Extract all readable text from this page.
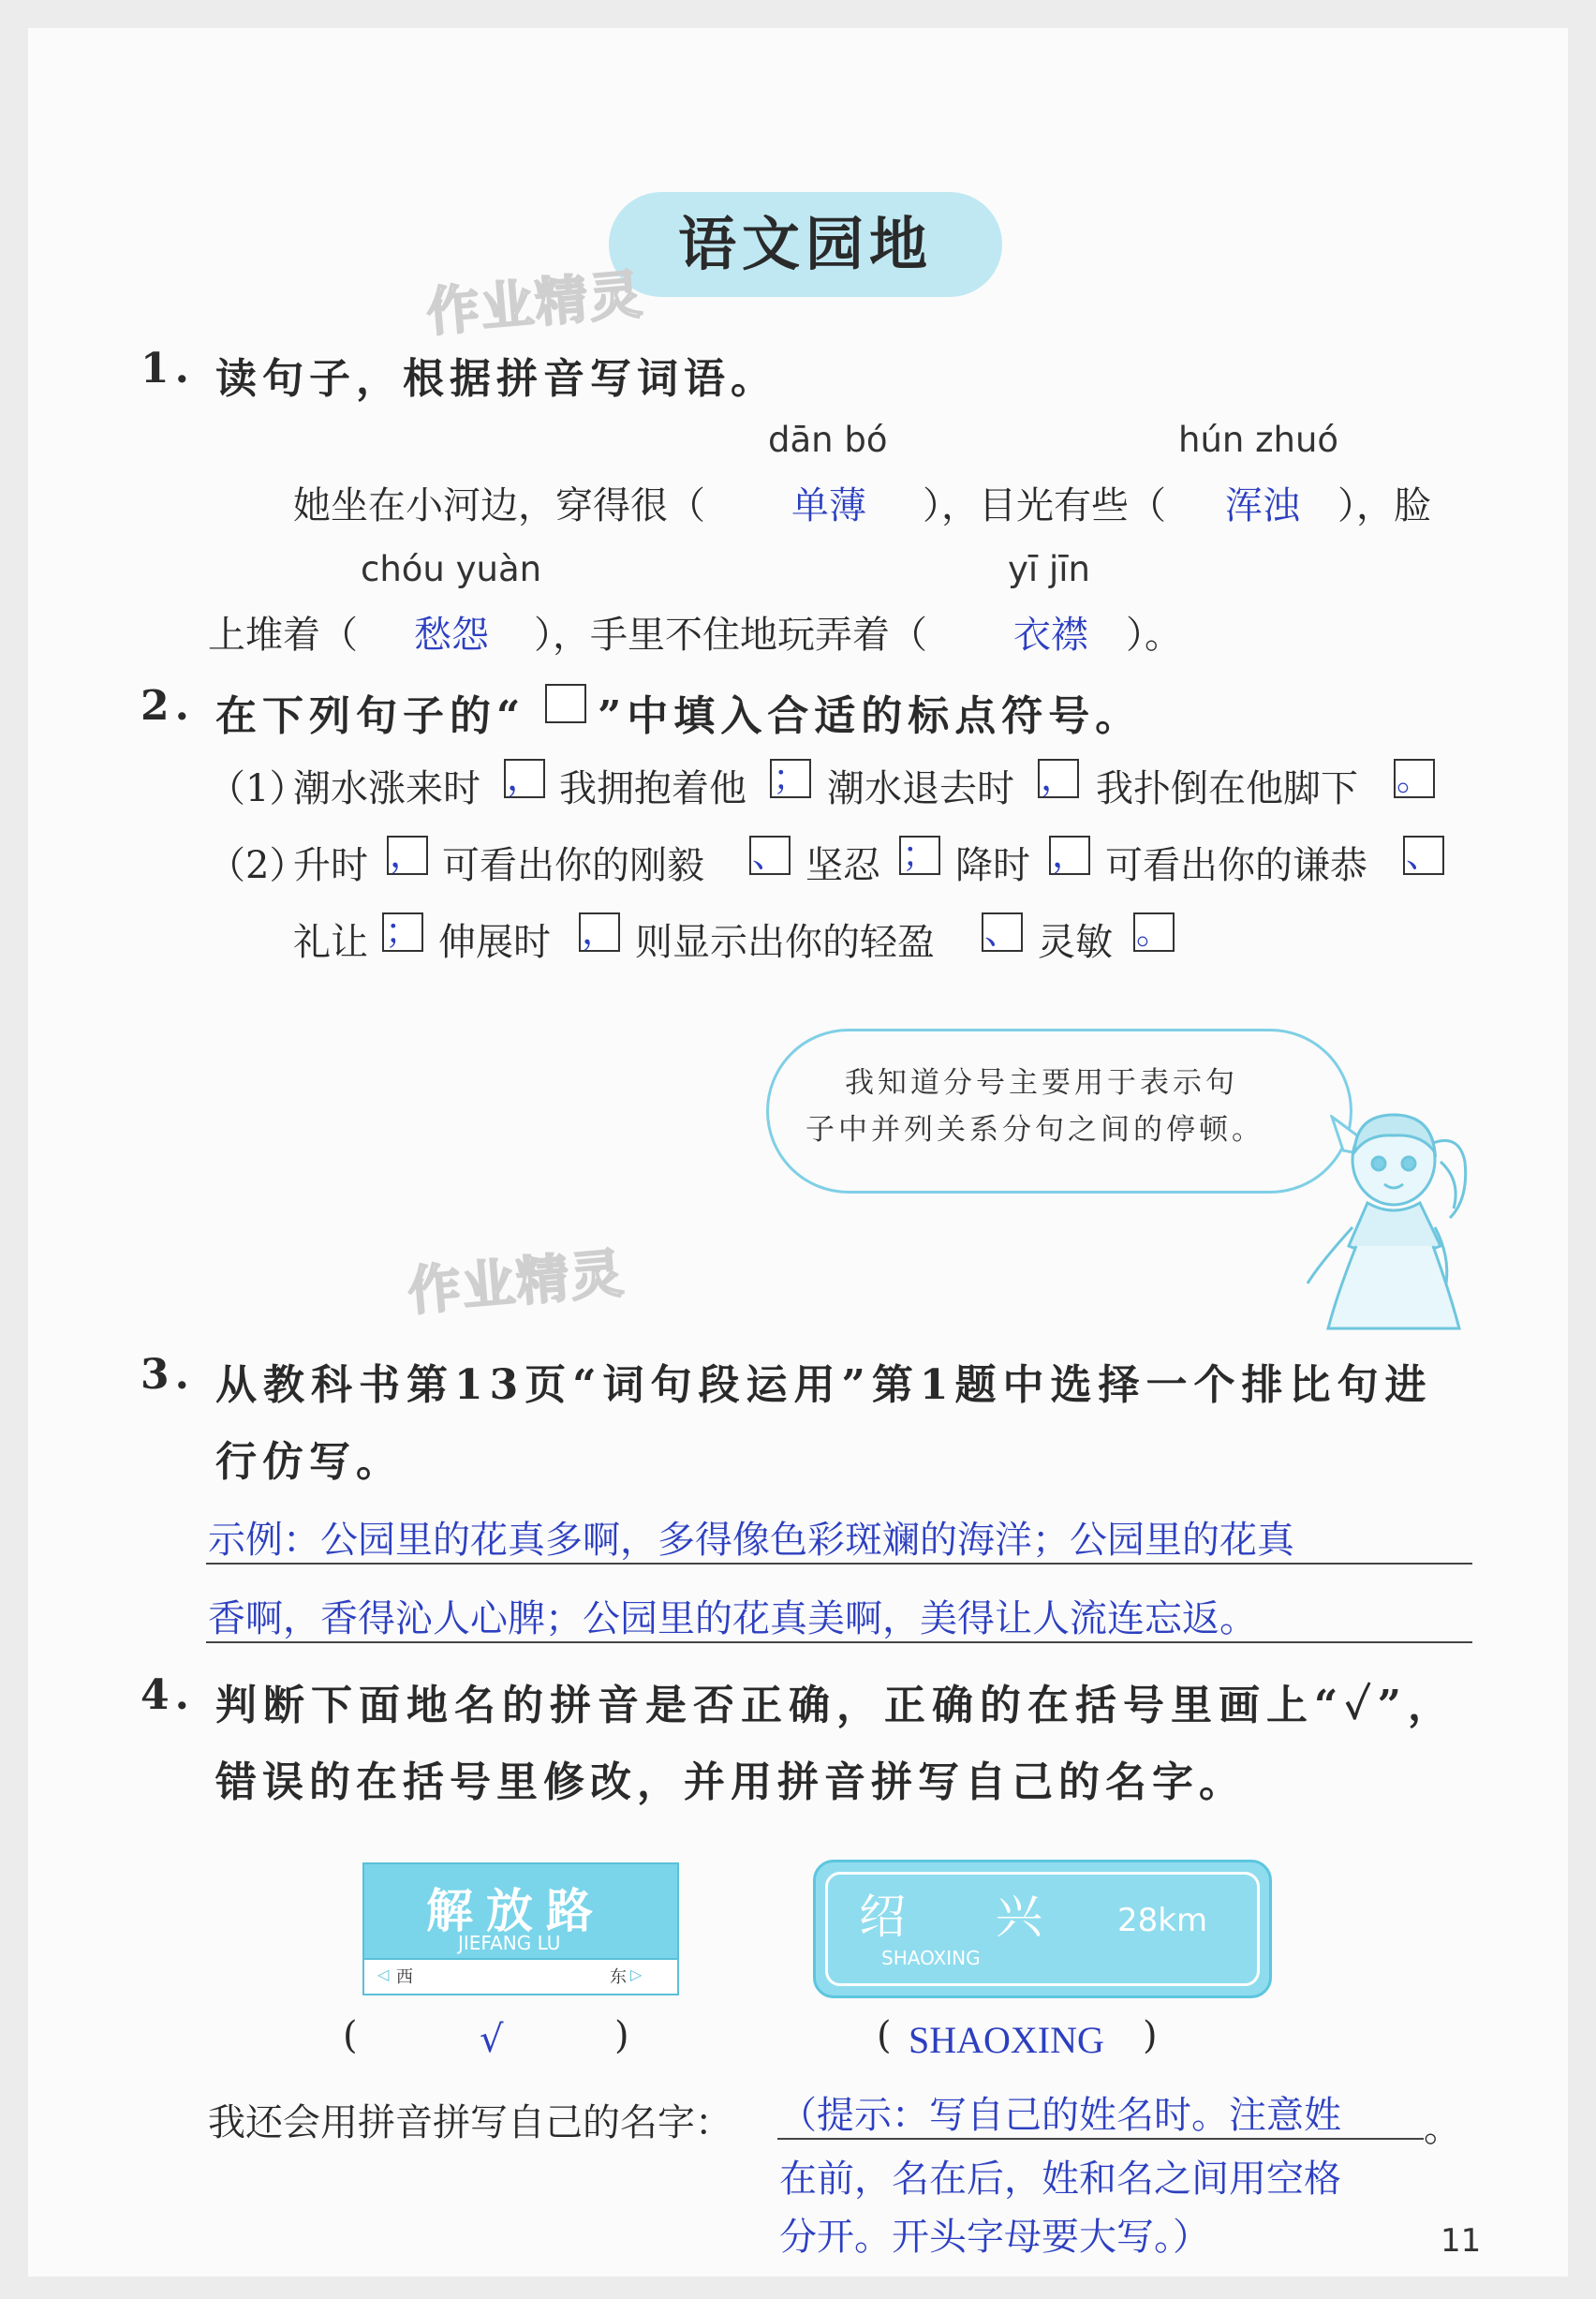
语文园地
作业精灵
作业精灵
1. 读句子，根据拼音写词语。
dān bó	hún zhuó
她坐在小河边，穿得很（ 单薄 ），目光有些（ 浑浊 ），脸
chóu yuàn	yī jīn
上堆着（ 愁怨 ），手里不住地玩弄着（ 衣襟 ）。
2. 在下列句子的“ ”中填入合适的标点符号。
（1）
潮水涨来时 ， 我拥抱着他 ； 潮水退去时 ， 我扑倒在他脚下 。
（2）
升时 ， 可看出你的刚毅 、 坚忍 ； 降时 ， 可看出你的谦恭 、
礼让 ； 伸展时 ， 则显示出你的轻盈 、 灵敏 。
我知道分号主要用于表示句
子中并列关系分句之间的停顿。
3. 从教科书第13页“词句段运用”第1题中选择一个排比句进
行仿写。
示例：公园里的花真多啊，多得像色彩斑斓的海洋；公园里的花真
香啊，香得沁人心脾；公园里的花真美啊，美得让人流连忘返。
4. 判断下面地名的拼音是否正确，正确的在括号里画上“✓”，
错误的在括号里修改，并用拼音拼写自己的名字。
解放路
JIEFANG LU
◁ 西	东 ▷
绍 兴
SHAOXING
28km
(	√	)	( SHAOXING )
我还会用拼音拼写自己的名字： （提示：写自己的姓名时。注意姓 。
在前，名在后，姓和名之间用空格
分开。开头字母要大写。）	11
